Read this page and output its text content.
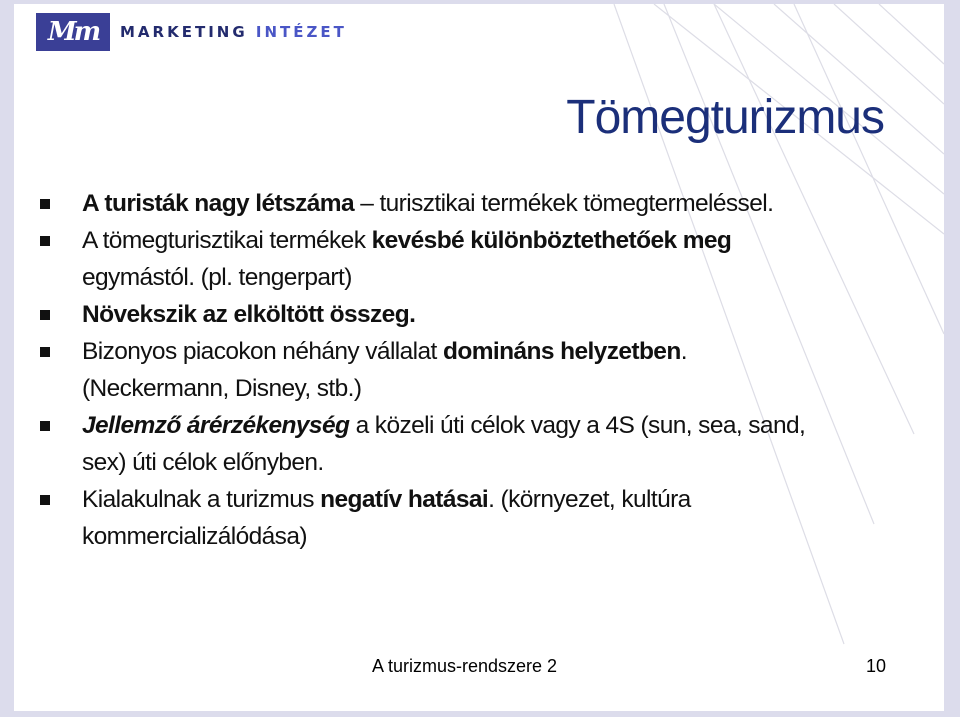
Mm MARKETING INTÉZET
Tömegturizmus
A turisták nagy létszáma – turisztikai termékek tömegtermeléssel.
A tömegturisztikai termékek kevésbé különböztethetőek meg egymástól. (pl. tengerpart)
Növekszik az elköltött összeg.
Bizonyos piacokon néhány vállalat domináns helyzetben. (Neckermann, Disney, stb.)
Jellemző árérzékenység a közeli úti célok vagy a 4S (sun, sea, sand, sex) úti célok előnyben.
Kialakulnak a turizmus negatív hatásai. (környezet, kultúra kommercializálódása)
A turizmus-rendszere 2	10
